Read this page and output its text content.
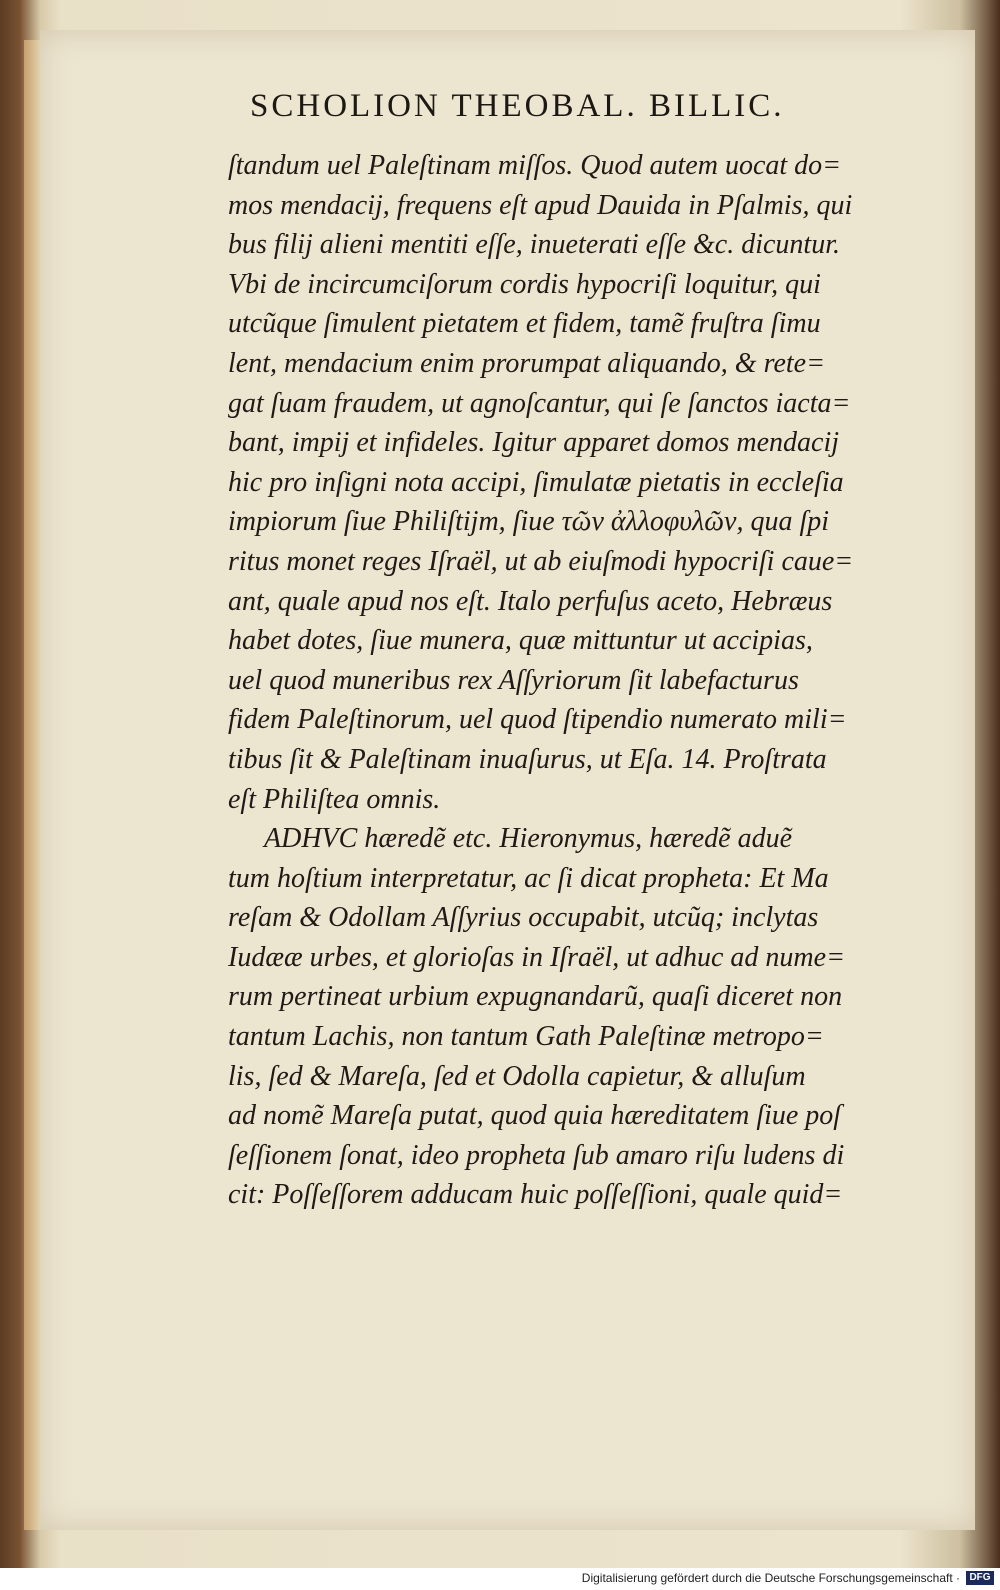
SCHOLION THEOBAL. BILLIC.
ſtandum uel Paleſtinam miſſos. Quod autem uocat do=
mos mendacij, frequens eſt apud Dauida in Pſalmis, qui
bus filij alieni mentiti eſſe, inueterati eſſe &c. dicuntur.
Vbi de incircumciſorum cordis hypocriſi loquitur, qui
utcũque ſimulent pietatem et fidem, tamẽ fruſtra ſimu
lent, mendacium enim prorumpat aliquando, & rete=
gat ſuam fraudem, ut agnoſcantur, qui ſe ſanctos iacta=
bant, impij et infideles. Igitur apparet domos mendacij
hic pro inſigni nota accipi, ſimulatæ pietatis in eccleſia
impiorum ſiue Philiſtijm, ſiue τῶν ἀλλοφυλῶν, qua ſpi
ritus monet reges Iſraël, ut ab eiuſmodi hypocriſi caue=
ant, quale apud nos eſt. Italo perfuſus aceto, Hebræus
habet dotes, ſiue munera, quæ mittuntur ut accipias,
uel quod muneribus rex Aſſyriorum ſit labefacturus
fidem Paleſtinorum, uel quod ſtipendio numerato mili=
tibus ſit & Paleſtinam inuaſurus, ut Eſa. 14. Proſtrata
eſt Philiſtea omnis.
ADHVC hæredẽ etc. Hieronymus, hæredẽ aduẽ
tum hoſtium interpretatur, ac ſi dicat propheta: Et Ma
reſam & Odollam Aſſyrius occupabit, utcũq; inclytas
Iudææ urbes, et glorioſas in Iſraël, ut adhuc ad nume=
rum pertineat urbium expugnandarũ, quaſi diceret non
tantum Lachis, non tantum Gath Paleſtinæ metropo=
lis, ſed & Mareſa, ſed et Odolla capietur, & alluſum
ad nomẽ Mareſa putat, quod quia hæreditatem ſiue poſ
ſeſſionem ſonat, ideo propheta ſub amaro riſu ludens di
cit: Poſſeſſorem adducam huic poſſeſſioni, quale quid=
Digitalisierung gefördert durch die Deutsche Forschungsgemeinschaft · DFG
